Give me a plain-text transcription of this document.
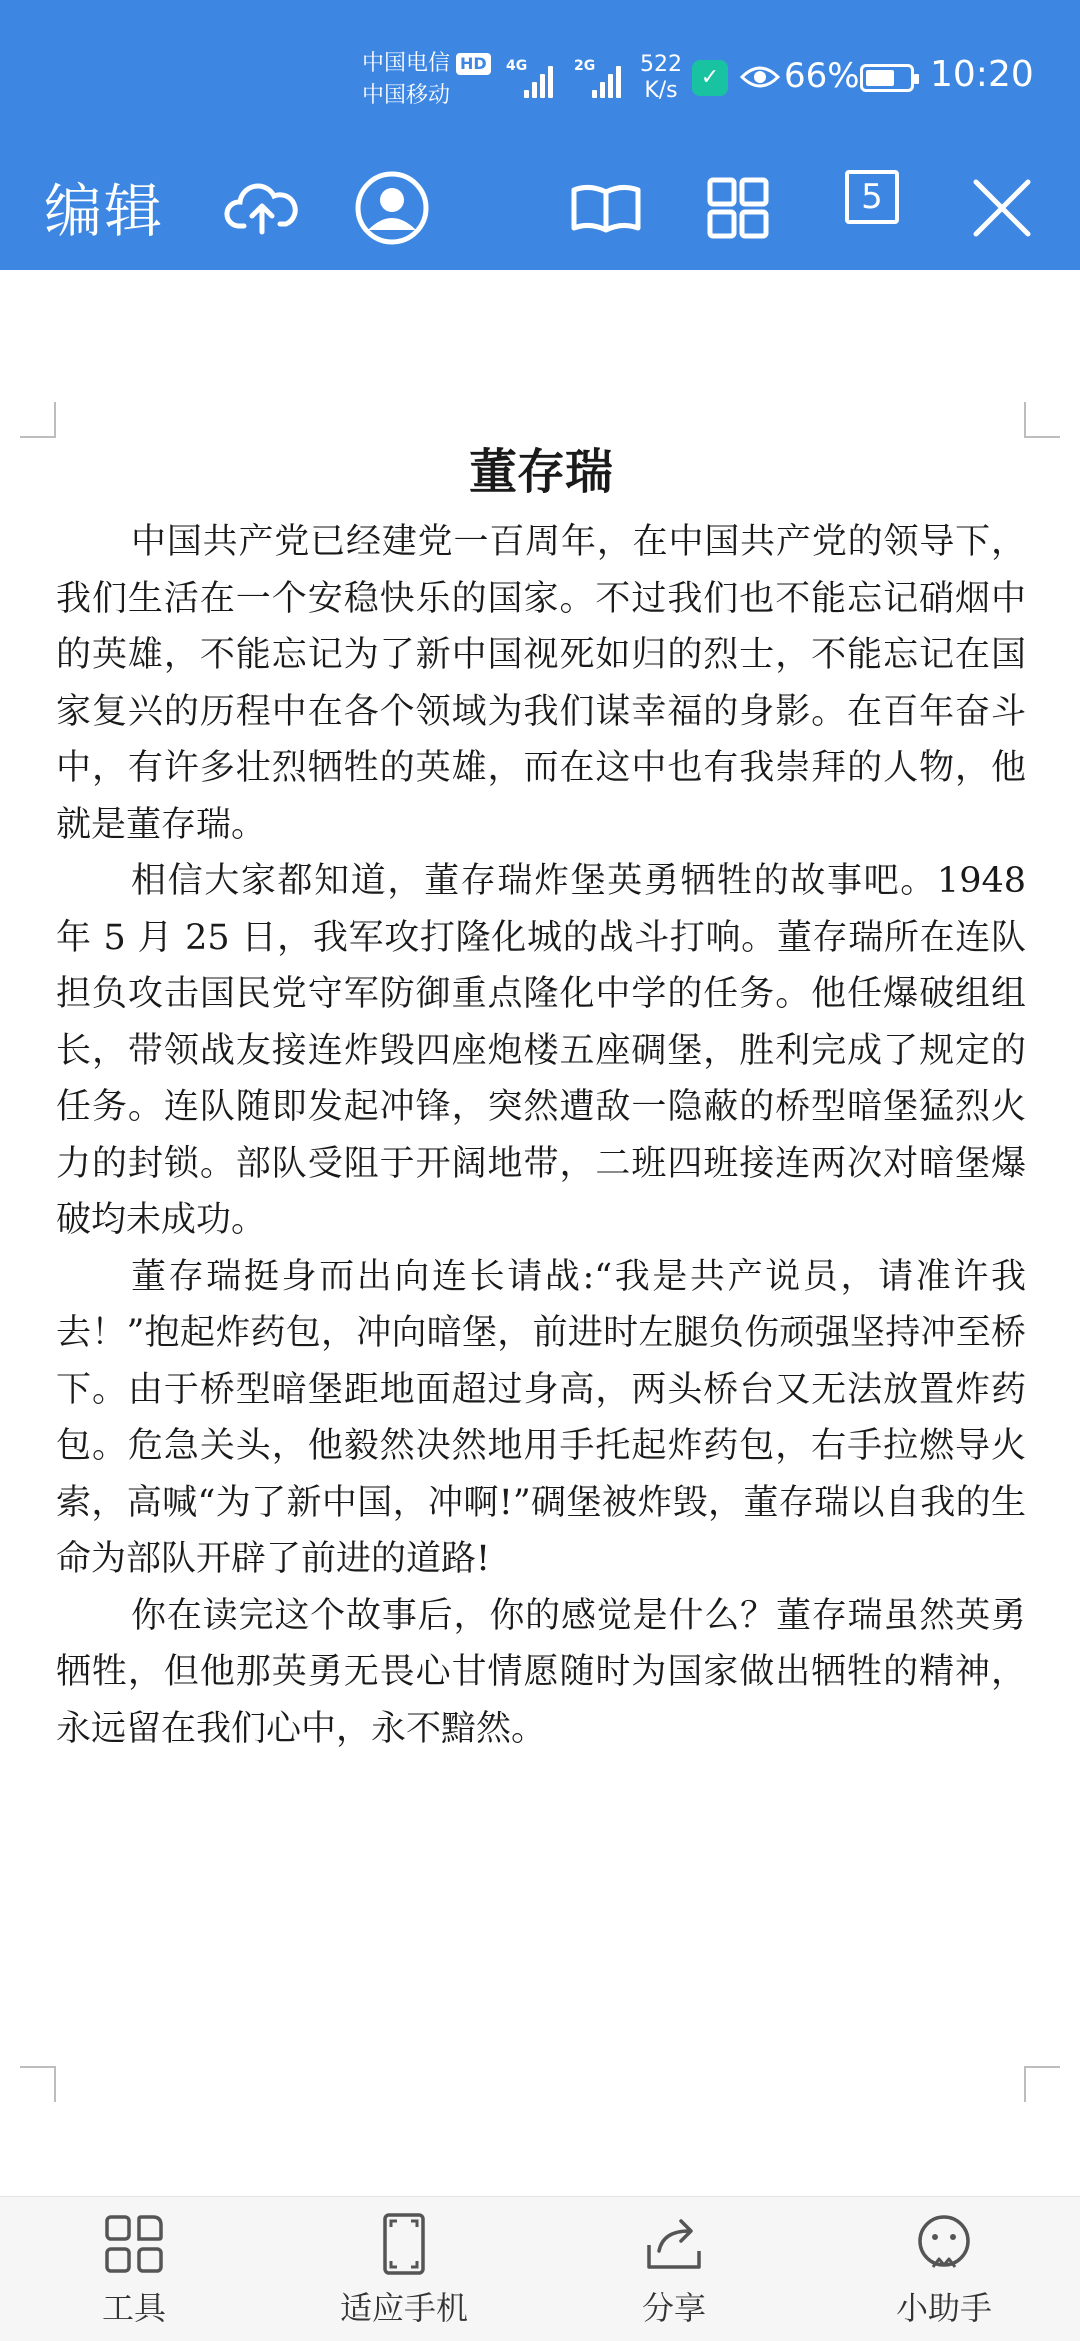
中国电信 HD
中国移动
4G	2G 522
K/s
✓ 66% 10:20
编辑	5
董存瑞

中国共产党已经建党一百周年，在中国共产党的领导下，我们生活在一个安稳快乐的国家。不过我们也不能忘记硝烟中的英雄，不能忘记为了新中国视死如归的烈士，不能忘记在国家复兴的历程中在各个领域为我们谋幸福的身影。在百年奋斗中，有许多壮烈牺牲的英雄，而在这中也有我崇拜的人物，他就是董存瑞。

相信大家都知道，董存瑞炸堡英勇牺牲的故事吧。1948 年 5 月 25 日，我军攻打隆化城的战斗打响。董存瑞所在连队担负攻击国民党守军防御重点隆化中学的任务。他任爆破组组长，带领战友接连炸毁四座炮楼五座碉堡，胜利完成了规定的任务。连队随即发起冲锋，突然遭敌一隐蔽的桥型暗堡猛烈火力的封锁。部队受阻于开阔地带，二班四班接连两次对暗堡爆破均未成功。

董存瑞挺身而出向连长请战:“我是共产说员，请准许我去！”抱起炸药包，冲向暗堡，前进时左腿负伤顽强坚持冲至桥下。由于桥型暗堡距地面超过身高，两头桥台又无法放置炸药包。危急关头，他毅然决然地用手托起炸药包，右手拉燃导火索，高喊“为了新中国，冲啊!”碉堡被炸毁，董存瑞以自我的生命为部队开辟了前进的道路!

你在读完这个故事后，你的感觉是什么？董存瑞虽然英勇牺牲，但他那英勇无畏心甘情愿随时为国家做出牺牲的精神，永远留在我们心中，永不黯然。

工具	适应手机	分享	小助手
